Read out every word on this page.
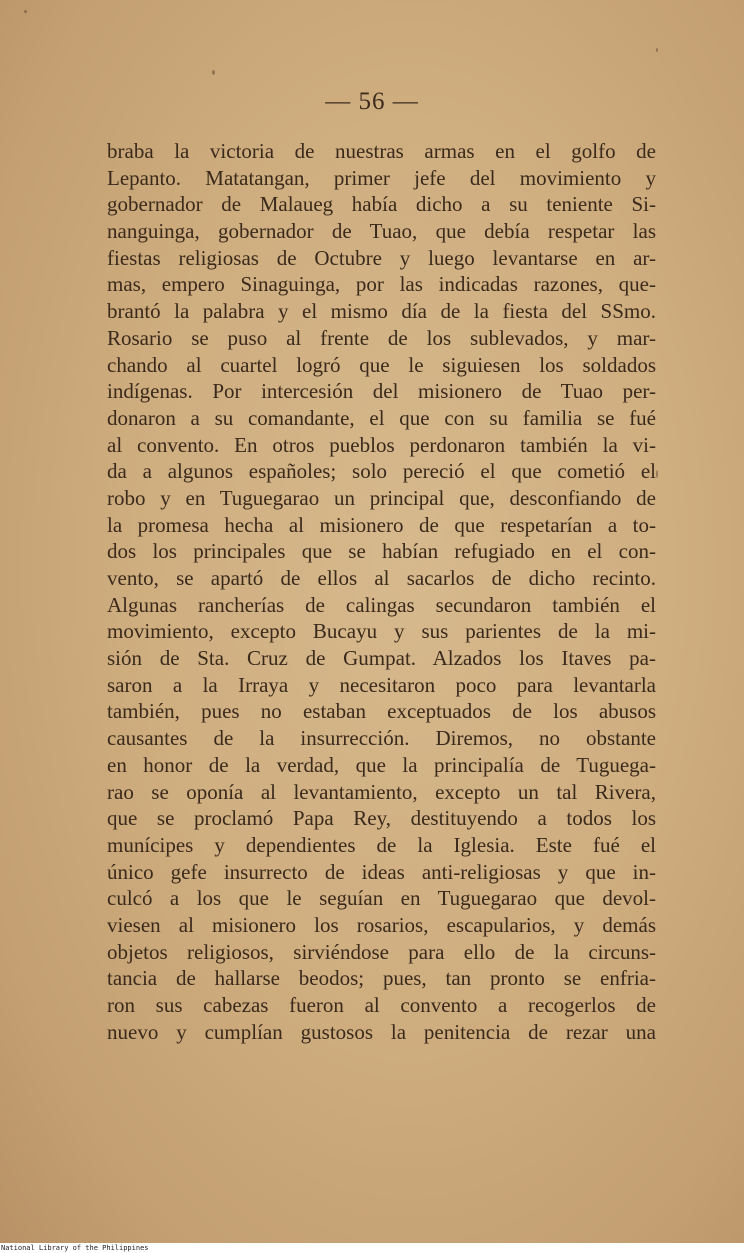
— 56 —
braba la victoria de nuestras armas en el golfo de
Lepanto. Matatangan, primer jefe del movimiento y
gobernador de Malaueg había dicho a su teniente Si-
nanguinga, gobernador de Tuao, que debía respetar las
fiestas religiosas de Octubre y luego levantarse en ar-
mas, empero Sinaguinga, por las indicadas razones, que-
brantó la palabra y el mismo día de la fiesta del SSmo.
Rosario se puso al frente de los sublevados, y mar-
chando al cuartel logró que le siguiesen los soldados
indígenas. Por intercesión del misionero de Tuao per-
donaron a su comandante, el que con su familia se fué
al convento. En otros pueblos perdonaron también la vi-
da a algunos españoles; solo pereció el que cometió el
robo y en Tuguegarao un principal que, desconfiando de
la promesa hecha al misionero de que respetarían a to-
dos los principales que se habían refugiado en el con-
vento, se apartó de ellos al sacarlos de dicho recinto.
Algunas rancherías de calingas secundaron también el
movimiento, excepto Bucayu y sus parientes de la mi-
sión de Sta. Cruz de Gumpat. Alzados los Itaves pa-
saron a la Irraya y necesitaron poco para levantarla
también, pues no estaban exceptuados de los abusos
causantes de la insurrección. Diremos, no obstante
en honor de la verdad, que la principalía de Tuguega-
rao se oponía al levantamiento, excepto un tal Rivera,
que se proclamó Papa Rey, destituyendo a todos los
munícipes y dependientes de la Iglesia. Este fué el
único gefe insurrecto de ideas anti-religiosas y que in-
culcó a los que le seguían en Tuguegarao que devol-
viesen al misionero los rosarios, escapularios, y demás
objetos religiosos, sirviéndose para ello de la circuns-
tancia de hallarse beodos; pues, tan pronto se enfria-
ron sus cabezas fueron al convento a recogerlos de
nuevo y cumplían gustosos la penitencia de rezar una
National Library of the Philippines
